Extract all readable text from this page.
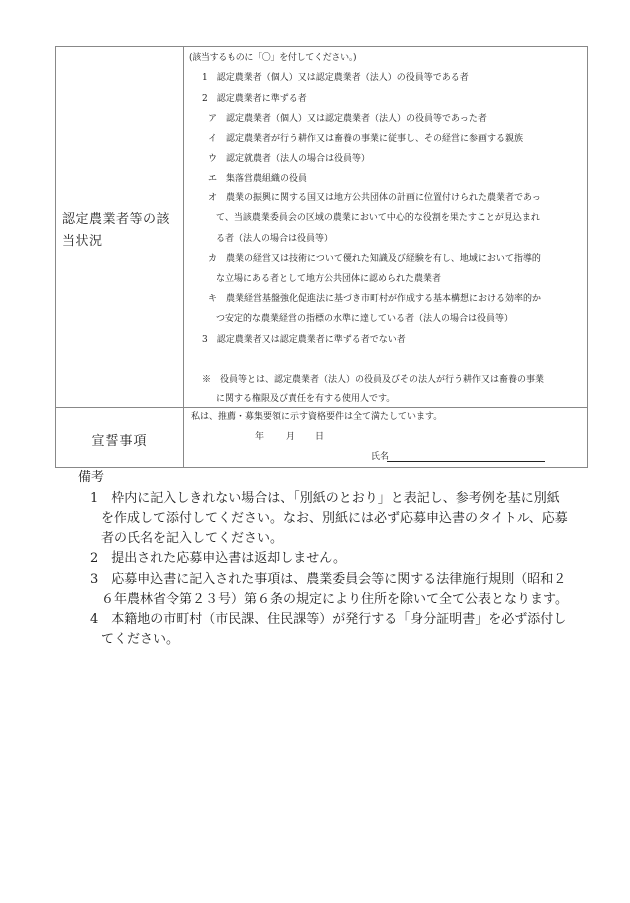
認定農業者等の該
当状況
(該当するものに「〇」を付してください。)
1　認定農業者（個人）又は認定農業者（法人）の役員等である者
2　認定農業者に準ずる者
ア　認定農業者（個人）又は認定農業者（法人）の役員等であった者
イ　認定農業者が行う耕作又は畜養の事業に従事し、その経営に参画する親族
ウ　認定就農者（法人の場合は役員等）
エ　集落営農組織の役員
オ　農業の振興に関する国又は地方公共団体の計画に位置付けられた農業者であっ
て、当該農業委員会の区域の農業において中心的な役割を果たすことが見込まれ
る者（法人の場合は役員等）
カ　農業の経営又は技術について優れた知識及び経験を有し、地域において指導的
な立場にある者として地方公共団体に認められた農業者
キ　農業経営基盤強化促進法に基づき市町村が作成する基本構想における効率的か
つ安定的な農業経営の指標の水準に達している者（法人の場合は役員等）
3　認定農業者又は認定農業者に準ずる者でない者
※　役員等とは、認定農業者（法人）の役員及びその法人が行う耕作又は畜養の事業
に関する権限及び責任を有する使用人です。
宣誓事項
私は、推薦・募集要領に示す資格要件は全て満たしています。
年 月 日
氏名
備考
1　枠内に記入しきれない場合は、「別紙のとおり」と表記し、参考例を基に別紙
を作成して添付してください。なお、別紙には必ず応募申込書のタイトル、応募
者の氏名を記入してください。
2　提出された応募申込書は返却しません。
3　応募申込書に記入された事項は、農業委員会等に関する法律施行規則（昭和２
６年農林省令第２３号）第６条の規定により住所を除いて全て公表となります。
4　本籍地の市町村（市民課、住民課等）が発行する「身分証明書」を必ず添付し
てください。
